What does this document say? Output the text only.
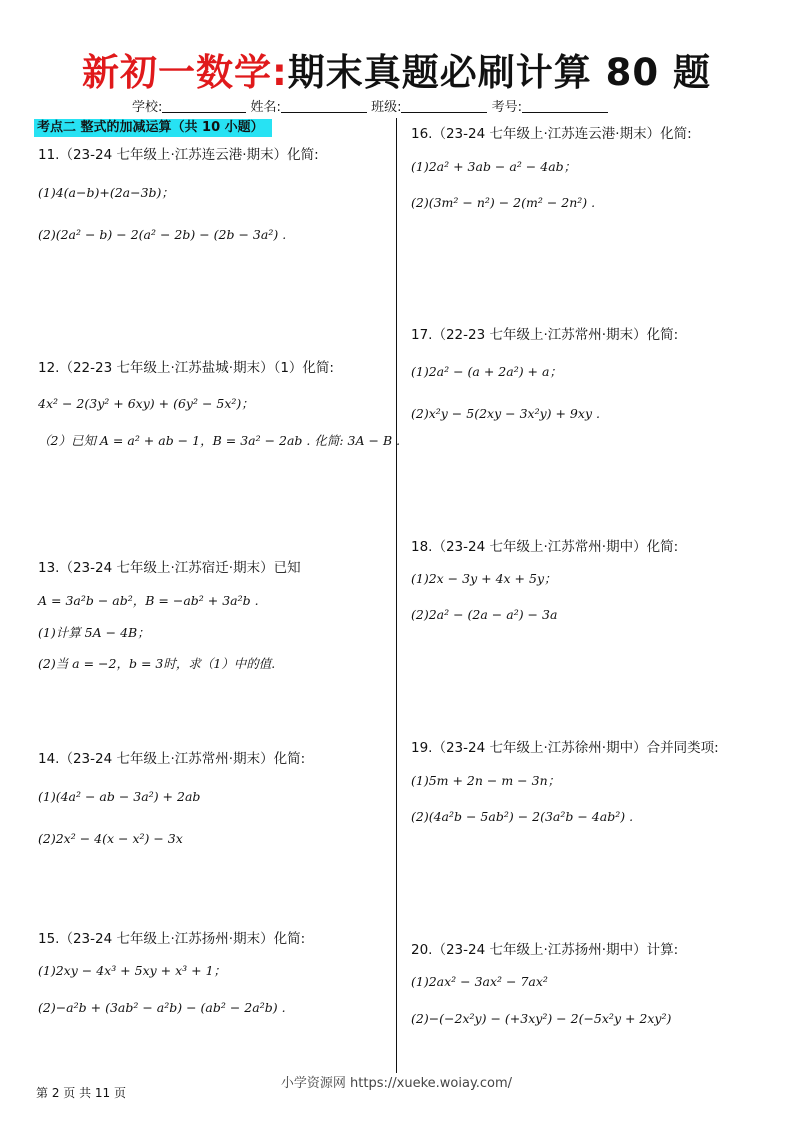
新初一数学:期末真题必刷计算 80 题
学校:	姓名:	班级:	考号:
考点二 整式的加减运算（共 10 小题）
11.（23-24 七年级上·江苏连云港·期末）化简:
(1)4(a−b)+(2a−3b)；
(2)(2a² − b) − 2(a² − 2b) − (2b − 3a²) .
12.（22-23 七年级上·江苏盐城·期末）（1）化简:
4x² − 2(3y² + 6xy) + (6y² − 5x²)；
（2）已知 A = a² + ab − 1，B = 3a² − 2ab . 化简: 3A − B .
13.（23-24 七年级上·江苏宿迁·期末）已知
A = 3a²b − ab²，B = −ab² + 3a²b .
(1)计算 5A − 4B；
(2)当 a = −2，b = 3时，求（1）中的值.
14.（23-24 七年级上·江苏常州·期末）化简:
(1)(4a² − ab − 3a²) + 2ab
(2)2x² − 4(x − x²) − 3x
15.（23-24 七年级上·江苏扬州·期末）化简:
(1)2xy − 4x³ + 5xy + x³ + 1；
(2)−a²b + (3ab² − a²b) − (ab² − 2a²b) .
16.（23-24 七年级上·江苏连云港·期末）化简:
(1)2a² + 3ab − a² − 4ab；
(2)(3m² − n²) − 2(m² − 2n²) .
17.（22-23 七年级上·江苏常州·期末）化简:
(1)2a² − (a + 2a²) + a；
(2)x²y − 5(2xy − 3x²y) + 9xy .
18.（23-24 七年级上·江苏常州·期中）化简:
(1)2x − 3y + 4x + 5y；
(2)2a² − (2a − a²) − 3a
19.（23-24 七年级上·江苏徐州·期中）合并同类项:
(1)5m + 2n − m − 3n；
(2)(4a²b − 5ab²) − 2(3a²b − 4ab²) .
20.（23-24 七年级上·江苏扬州·期中）计算:
(1)2ax² − 3ax² − 7ax²
(2)−(−2x²y) − (+3xy²) − 2(−5x²y + 2xy²)
小学资源网 https://xueke.woiay.com/
第 2 页 共 11 页
